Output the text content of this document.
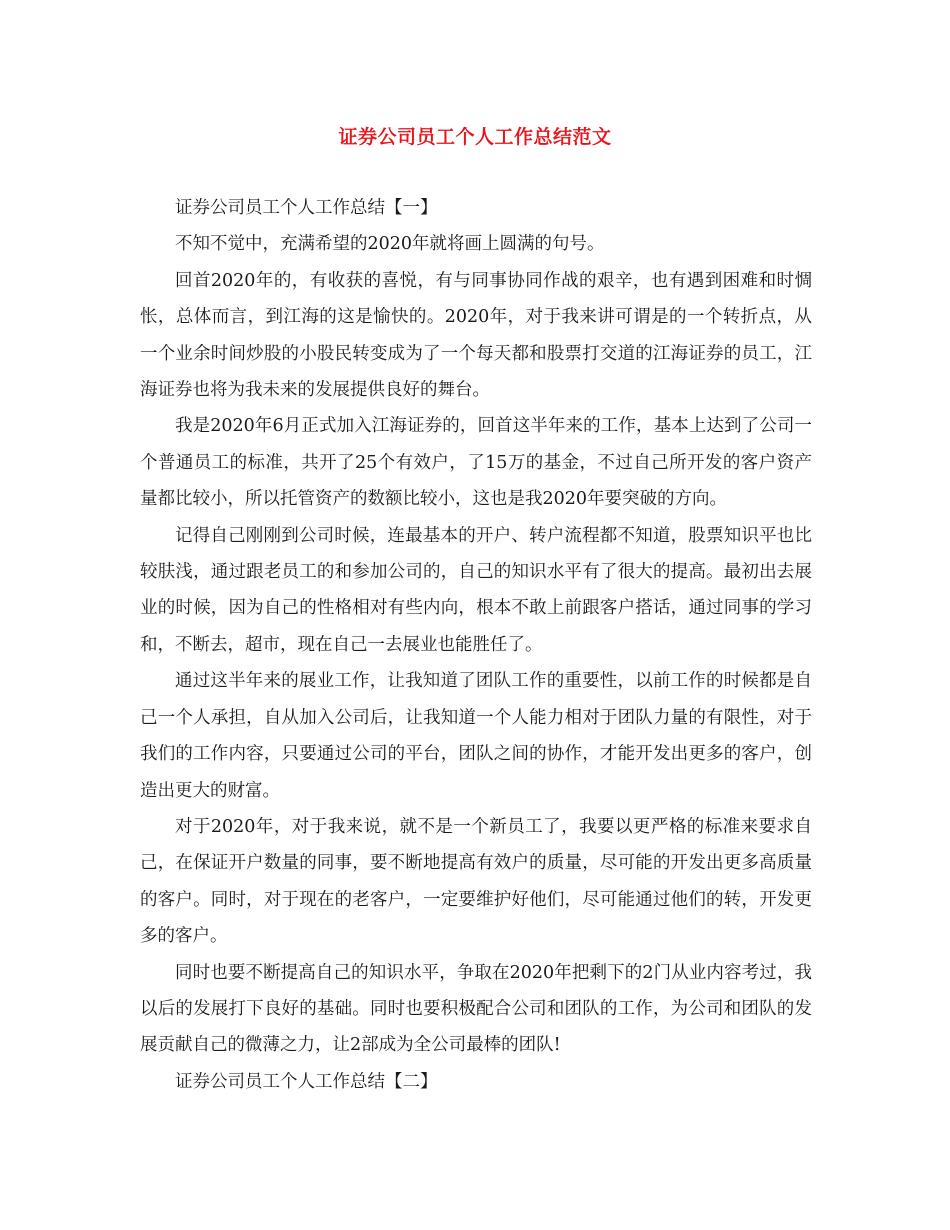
证券公司员工个人工作总结范文

证券公司员工个人工作总结【一】

不知不觉中，充满希望的2020年就将画上圆满的句号。

回首2020年的，有收获的喜悦，有与同事协同作战的艰辛，也有遇到困难和时惆怅，总体而言，到江海的这是愉快的。2020年，对于我来讲可谓是的一个转折点，从一个业余时间炒股的小股民转变成为了一个每天都和股票打交道的江海证券的员工，江海证券也将为我未来的发展提供良好的舞台。

我是2020年6月正式加入江海证券的，回首这半年来的工作，基本上达到了公司一个普通员工的标准，共开了25个有效户，了15万的基金，不过自己所开发的客户资产量都比较小，所以托管资产的数额比较小，这也是我2020年要突破的方向。

记得自己刚刚到公司时候，连最基本的开户、转户流程都不知道，股票知识平也比较肤浅，通过跟老员工的和参加公司的，自己的知识水平有了很大的提高。最初出去展业的时候，因为自己的性格相对有些内向，根本不敢上前跟客户搭话，通过同事的学习和，不断去，超市，现在自己一去展业也能胜任了。

通过这半年来的展业工作，让我知道了团队工作的重要性，以前工作的时候都是自己一个人承担，自从加入公司后，让我知道一个人能力相对于团队力量的有限性，对于我们的工作内容，只要通过公司的平台，团队之间的协作，才能开发出更多的客户，创造出更大的财富。

对于2020年，对于我来说，就不是一个新员工了，我要以更严格的标准来要求自己，在保证开户数量的同事，要不断地提高有效户的质量，尽可能的开发出更多高质量的客户。同时，对于现在的老客户，一定要维护好他们，尽可能通过他们的转，开发更多的客户。

同时也要不断提高自己的知识水平，争取在2020年把剩下的2门从业内容考过，我以后的发展打下良好的基础。同时也要积极配合公司和团队的工作，为公司和团队的发展贡献自己的微薄之力，让2部成为全公司最棒的团队!

证券公司员工个人工作总结【二】
